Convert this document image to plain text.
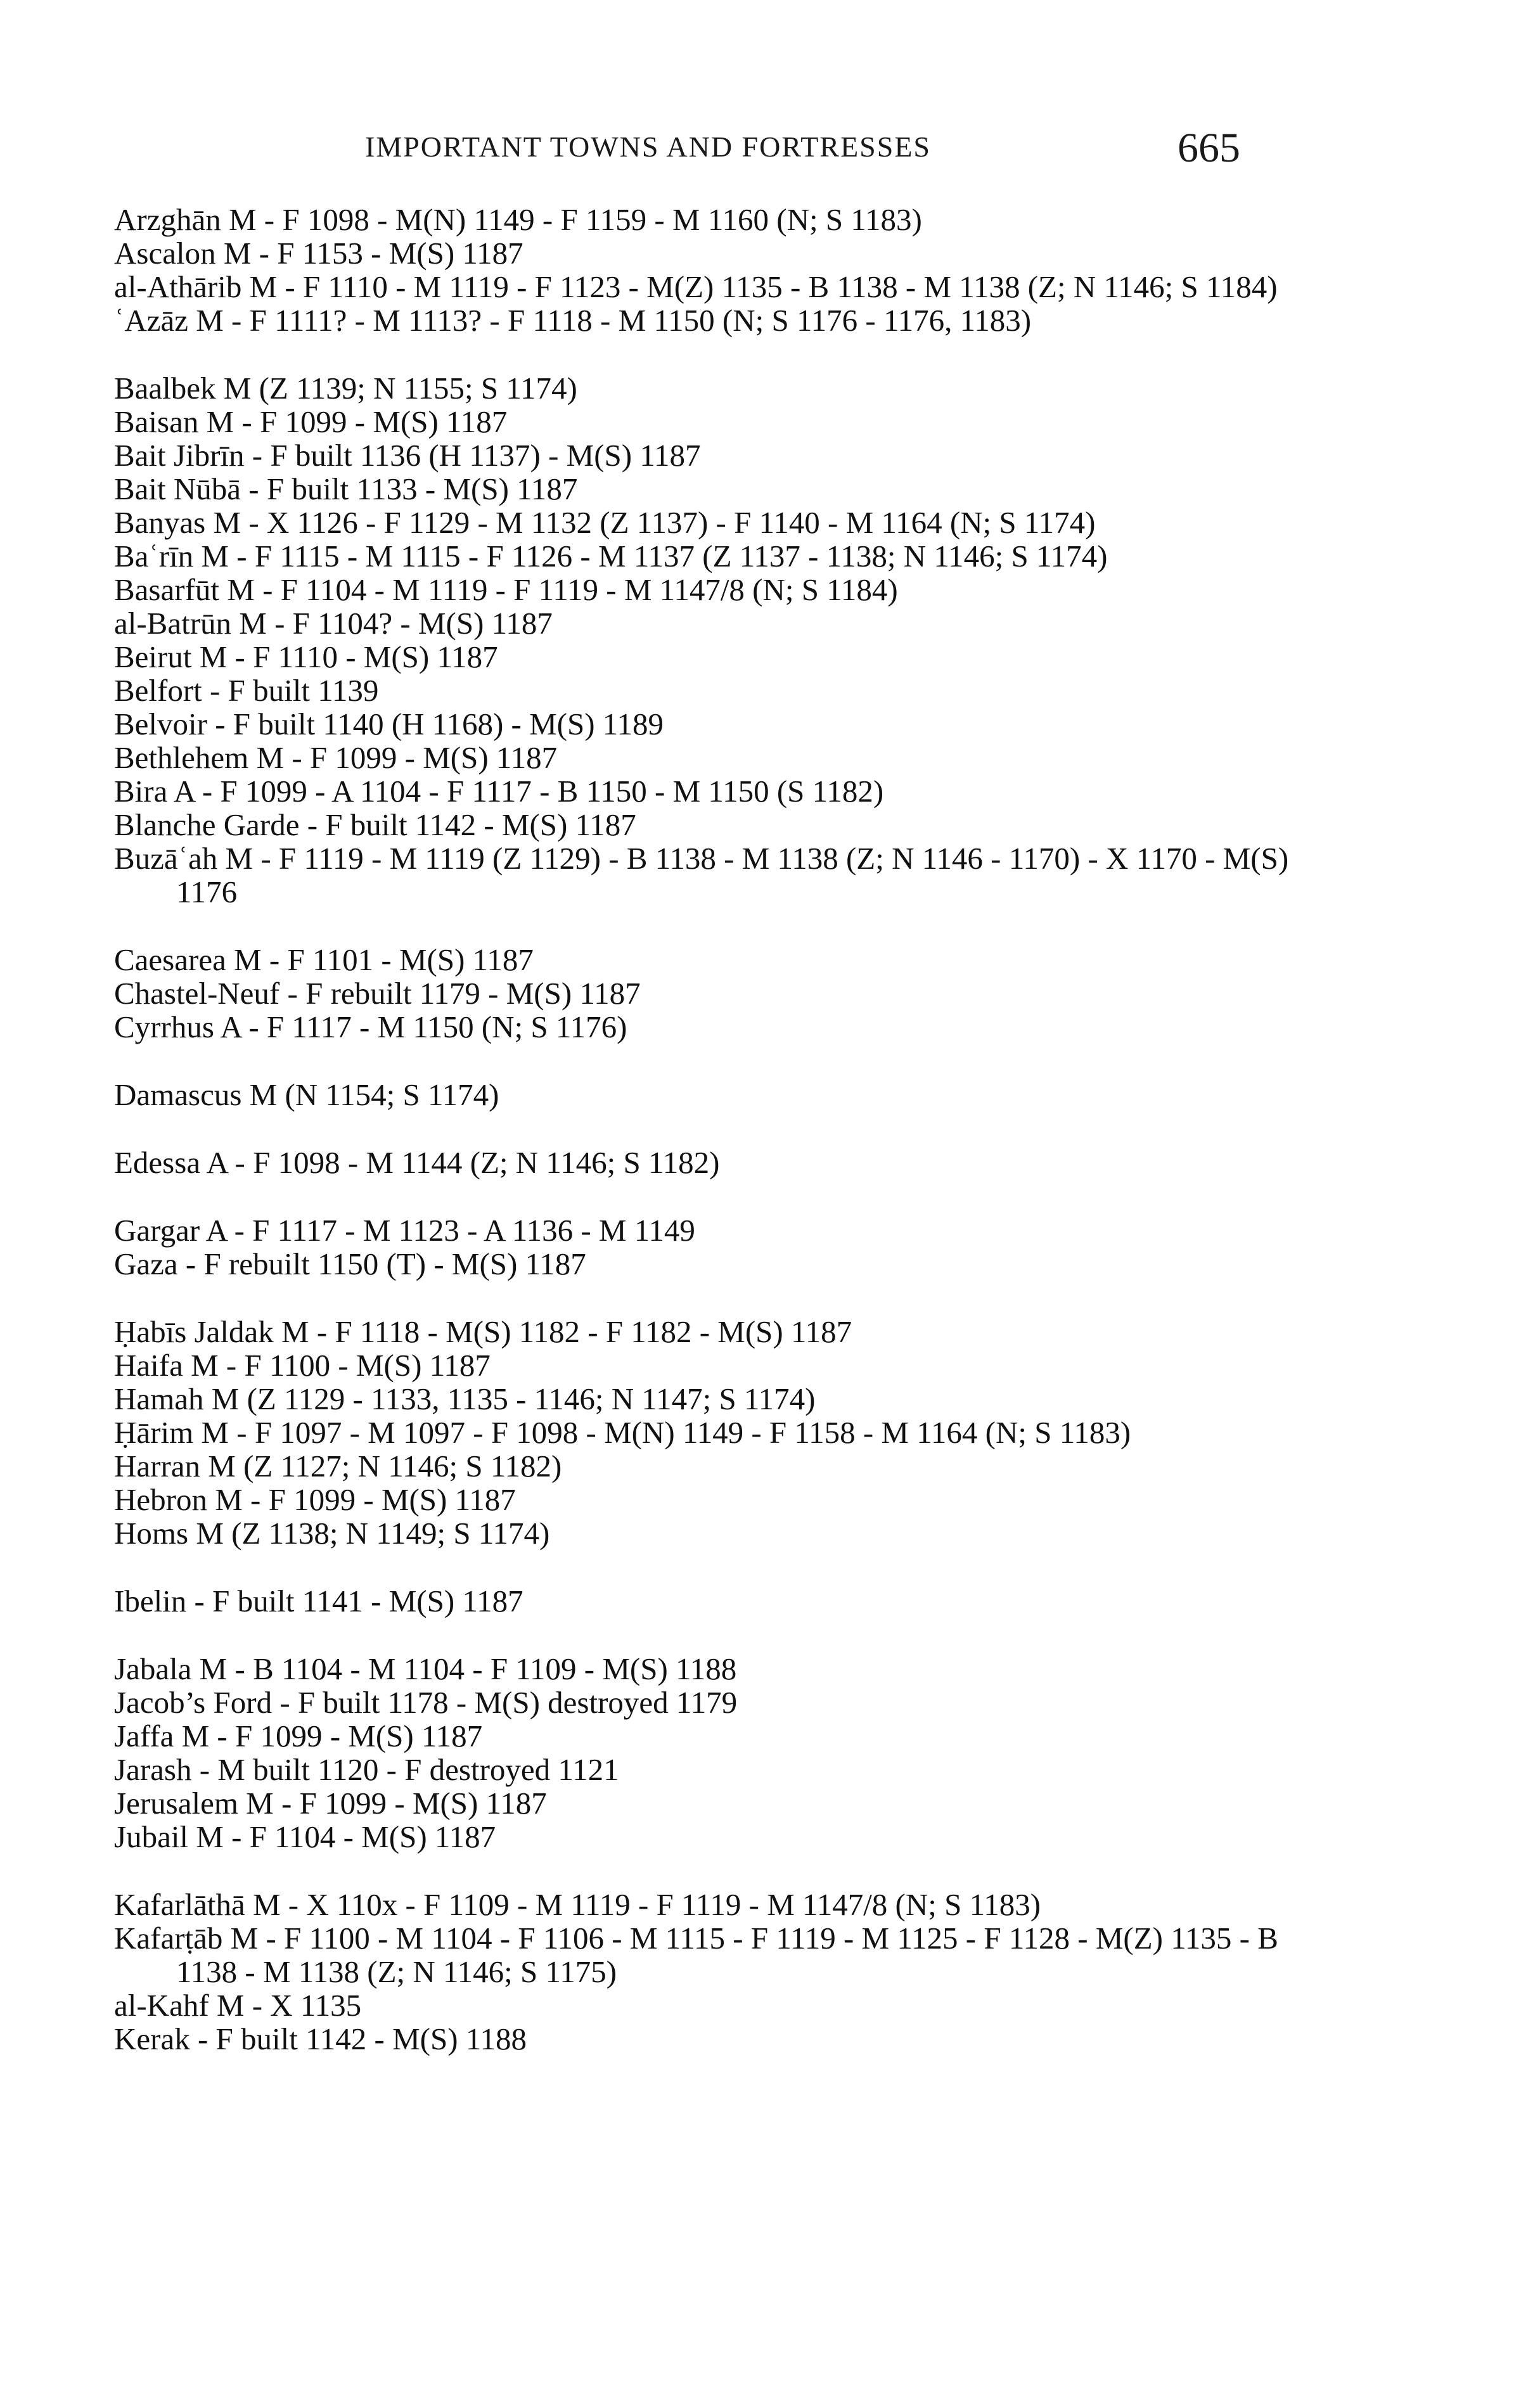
IMPORTANT TOWNS AND FORTRESSES	665
Arzghān M - F 1098 - M(N) 1149 - F 1159 - M 1160 (N; S 1183)
Ascalon M - F 1153 - M(S) 1187
al-Athārib M - F 1110 - M 1119 - F 1123 - M(Z) 1135 - B 1138 - M 1138 (Z; N 1146; S 1184)
ʿAzāz M - F 1111? - M 1113? - F 1118 - M 1150 (N; S 1176 - 1176, 1183)
Baalbek M (Z 1139; N 1155; S 1174)
Baisan M - F 1099 - M(S) 1187
Bait Jibrīn - F built 1136 (H 1137) - M(S) 1187
Bait Nūbā - F built 1133 - M(S) 1187
Banyas M - X 1126 - F 1129 - M 1132 (Z 1137) - F 1140 - M 1164 (N; S 1174)
Baʿrīn M - F 1115 - M 1115 - F 1126 - M 1137 (Z 1137 - 1138; N 1146; S 1174)
Basarfūt M - F 1104 - M 1119 - F 1119 - M 1147/8 (N; S 1184)
al-Batrūn M - F 1104? - M(S) 1187
Beirut M - F 1110 - M(S) 1187
Belfort - F built 1139
Belvoir - F built 1140 (H 1168) - M(S) 1189
Bethlehem M - F 1099 - M(S) 1187
Bira A - F 1099 - A 1104 - F 1117 - B 1150 - M 1150 (S 1182)
Blanche Garde - F built 1142 - M(S) 1187
Buzāʿah M - F 1119 - M 1119 (Z 1129) - B 1138 - M 1138 (Z; N 1146 - 1170) - X 1170 - M(S) 1176
Caesarea M - F 1101 - M(S) 1187
Chastel-Neuf - F rebuilt 1179 - M(S) 1187
Cyrrhus A - F 1117 - M 1150 (N; S 1176)
Damascus M (N 1154; S 1174)
Edessa A - F 1098 - M 1144 (Z; N 1146; S 1182)
Gargar A - F 1117 - M 1123 - A 1136 - M 1149
Gaza - F rebuilt 1150 (T) - M(S) 1187
Ḥabīs Jaldak M - F 1118 - M(S) 1182 - F 1182 - M(S) 1187
Haifa M - F 1100 - M(S) 1187
Hamah M (Z 1129 - 1133, 1135 - 1146; N 1147; S 1174)
Ḥārim M - F 1097 - M 1097 - F 1098 - M(N) 1149 - F 1158 - M 1164 (N; S 1183)
Harran M (Z 1127; N 1146; S 1182)
Hebron M - F 1099 - M(S) 1187
Homs M (Z 1138; N 1149; S 1174)
Ibelin - F built 1141 - M(S) 1187
Jabala M - B 1104 - M 1104 - F 1109 - M(S) 1188
Jacob’s Ford - F built 1178 - M(S) destroyed 1179
Jaffa M - F 1099 - M(S) 1187
Jarash - M built 1120 - F destroyed 1121
Jerusalem M - F 1099 - M(S) 1187
Jubail M - F 1104 - M(S) 1187
Kafarlāthā M - X 110x - F 1109 - M 1119 - F 1119 - M 1147/8 (N; S 1183)
Kafarṭāb M - F 1100 - M 1104 - F 1106 - M 1115 - F 1119 - M 1125 - F 1128 - M(Z) 1135 - B 1138 - M 1138 (Z; N 1146; S 1175)
al-Kahf M - X 1135
Kerak - F built 1142 - M(S) 1188
